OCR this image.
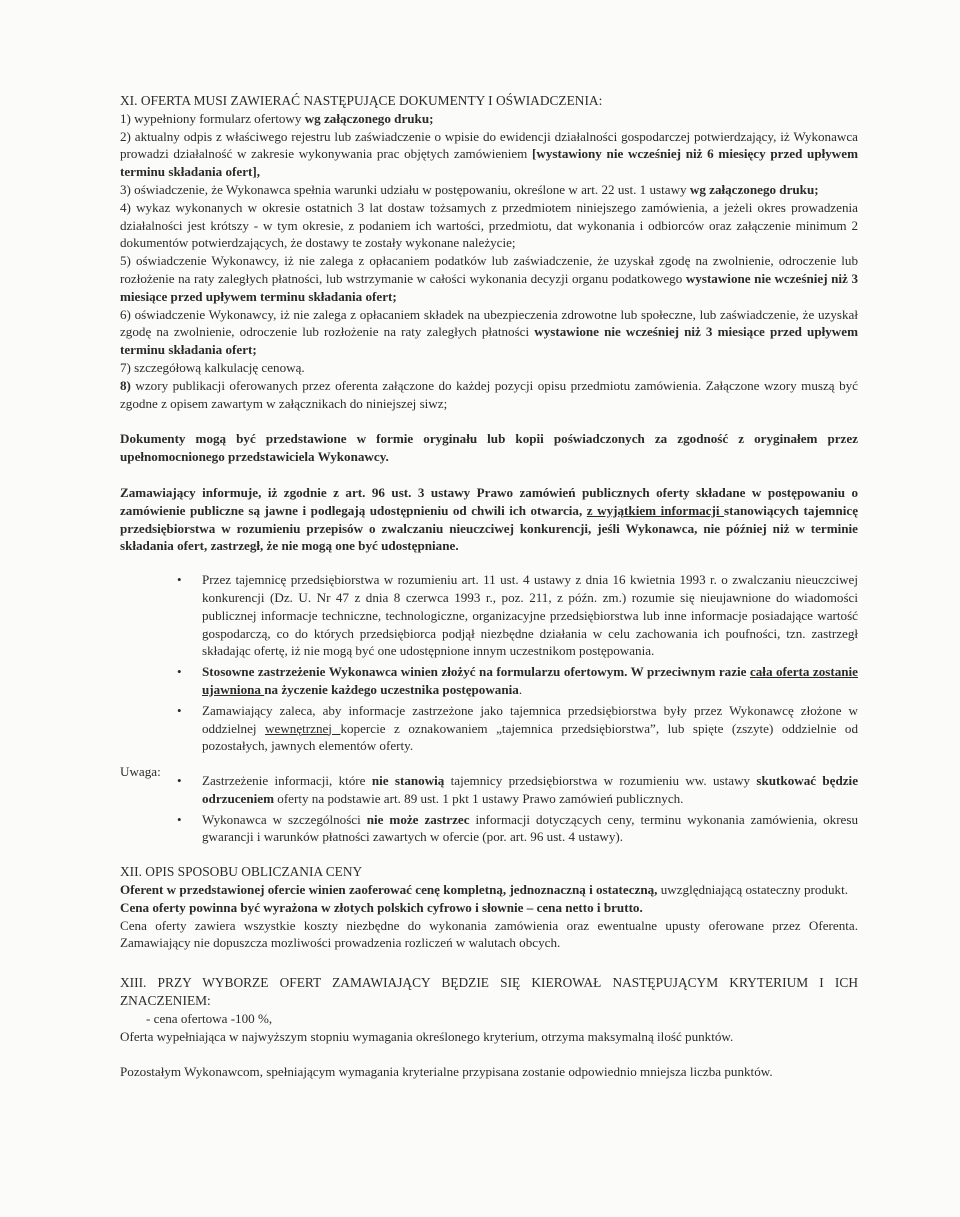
XI. OFERTA MUSI ZAWIERAĆ NASTĘPUJĄCE DOKUMENTY I OŚWIADCZENIA:

1) wypełniony formularz ofertowy wg załączonego druku;

2) aktualny odpis z właściwego rejestru lub zaświadczenie o wpisie do ewidencji działalności gospodarczej potwierdzający, iż Wykonawca prowadzi działalność w zakresie wykonywania prac objętych zamówieniem [wystawiony nie wcześniej niż 6 miesięcy przed upływem terminu składania ofert],

3) oświadczenie, że Wykonawca spełnia warunki udziału w postępowaniu, określone w art. 22 ust. 1 ustawy wg załączonego druku;

4) wykaz wykonanych w okresie ostatnich 3 lat dostaw tożsamych z przedmiotem niniejszego zamówienia, a jeżeli okres prowadzenia działalności jest krótszy - w tym okresie, z podaniem ich wartości, przedmiotu, dat wykonania i odbiorców oraz załączenie minimum 2 dokumentów potwierdzających, że dostawy te zostały wykonane należycie;

5) oświadczenie Wykonawcy, iż nie zalega z opłacaniem podatków lub zaświadczenie, że uzyskał zgodę na zwolnienie, odroczenie lub rozłożenie na raty zaległych płatności, lub wstrzymanie w całości wykonania decyzji organu podatkowego wystawione nie wcześniej niż 3 miesiące przed upływem terminu składania ofert;

6) oświadczenie Wykonawcy, iż nie zalega z opłacaniem składek na ubezpieczenia zdrowotne lub społeczne, lub zaświadczenie, że uzyskał zgodę na zwolnienie, odroczenie lub rozłożenie na raty zaległych płatności wystawione nie wcześniej niż 3 miesiące przed upływem terminu składania ofert;

7) szczegółową kalkulację cenową.

8) wzory publikacji oferowanych przez oferenta załączone do każdej pozycji opisu przedmiotu zamówienia. Załączone wzory muszą być zgodne z opisem zawartym w załącznikach do niniejszej siwz;

Dokumenty mogą być przedstawione w formie oryginału lub kopii poświadczonych za zgodność z oryginałem przez upełnomocnionego przedstawiciela Wykonawcy.

Zamawiający informuje, iż zgodnie z art. 96 ust. 3 ustawy Prawo zamówień publicznych oferty składane w postępowaniu o zamówienie publiczne są jawne i podlegają udostępnieniu od chwili ich otwarcia, z wyjątkiem informacji stanowiących tajemnicę przedsiębiorstwa w rozumieniu przepisów o zwalczaniu nieuczciwej konkurencji, jeśli Wykonawca, nie później niż w terminie składania ofert, zastrzegł, że nie mogą one być udostępniane.

Uwaga:
• Przez tajemnicę przedsiębiorstwa w rozumieniu art. 11 ust. 4 ustawy z dnia 16 kwietnia 1993 r. o zwalczaniu nieuczciwej konkurencji (Dz. U. Nr 47 z dnia 8 czerwca 1993 r., poz. 211, z późn. zm.) rozumie się nieujawnione do wiadomości publicznej informacje techniczne, technologiczne, organizacyjne przedsiębiorstwa lub inne informacje posiadające wartość gospodarczą, co do których przedsiębiorca podjął niezbędne działania w celu zachowania ich poufności, tzn. zastrzegł składając ofertę, iż nie mogą być one udostępnione innym uczestnikom postępowania.
• Stosowne zastrzeżenie Wykonawca winien złożyć na formularzu ofertowym. W przeciwnym razie cała oferta zostanie ujawniona na życzenie każdego uczestnika postępowania.
• Zamawiający zaleca, aby informacje zastrzeżone jako tajemnica przedsiębiorstwa były przez Wykonawcę złożone w oddzielnej wewnętrznej kopercie z oznakowaniem „tajemnica przedsiębiorstwa”, lub spięte (zszyte) oddzielnie od pozostałych, jawnych elementów oferty.
• Zastrzeżenie informacji, które nie stanowią tajemnicy przedsiębiorstwa w rozumieniu ww. ustawy skutkować będzie odrzuceniem oferty na podstawie art. 89 ust. 1 pkt 1 ustawy Prawo zamówień publicznych.
• Wykonawca w szczególności nie może zastrzec informacji dotyczących ceny, terminu wykonania zamówienia, okresu gwarancji i warunków płatności zawartych w ofercie (por. art. 96 ust. 4 ustawy).

XII. OPIS SPOSOBU OBLICZANIA CENY

Oferent w przedstawionej ofercie winien zaoferować cenę kompletną, jednoznaczną i ostateczną, uwzględniającą ostateczny produkt.

Cena oferty powinna być wyrażona w złotych polskich cyfrowo i słownie – cena netto i brutto.

Cena oferty zawiera wszystkie koszty niezbędne do wykonania zamówienia oraz ewentualne upusty oferowane przez Oferenta. Zamawiający nie dopuszcza mozliwości prowadzenia rozliczeń w walutach obcych.

XIII. PRZY WYBORZE OFERT ZAMAWIAJĄCY BĘDZIE SIĘ KIEROWAŁ NASTĘPUJĄCYM KRYTERIUM I ICH ZNACZENIEM:

- cena ofertowa -100 %,

Oferta wypełniająca w najwyższym stopniu wymagania określonego kryterium, otrzyma maksymalną ilość punktów.

Pozostałym Wykonawcom, spełniającym wymagania kryterialne przypisana zostanie odpowiednio mniejsza liczba punktów.
